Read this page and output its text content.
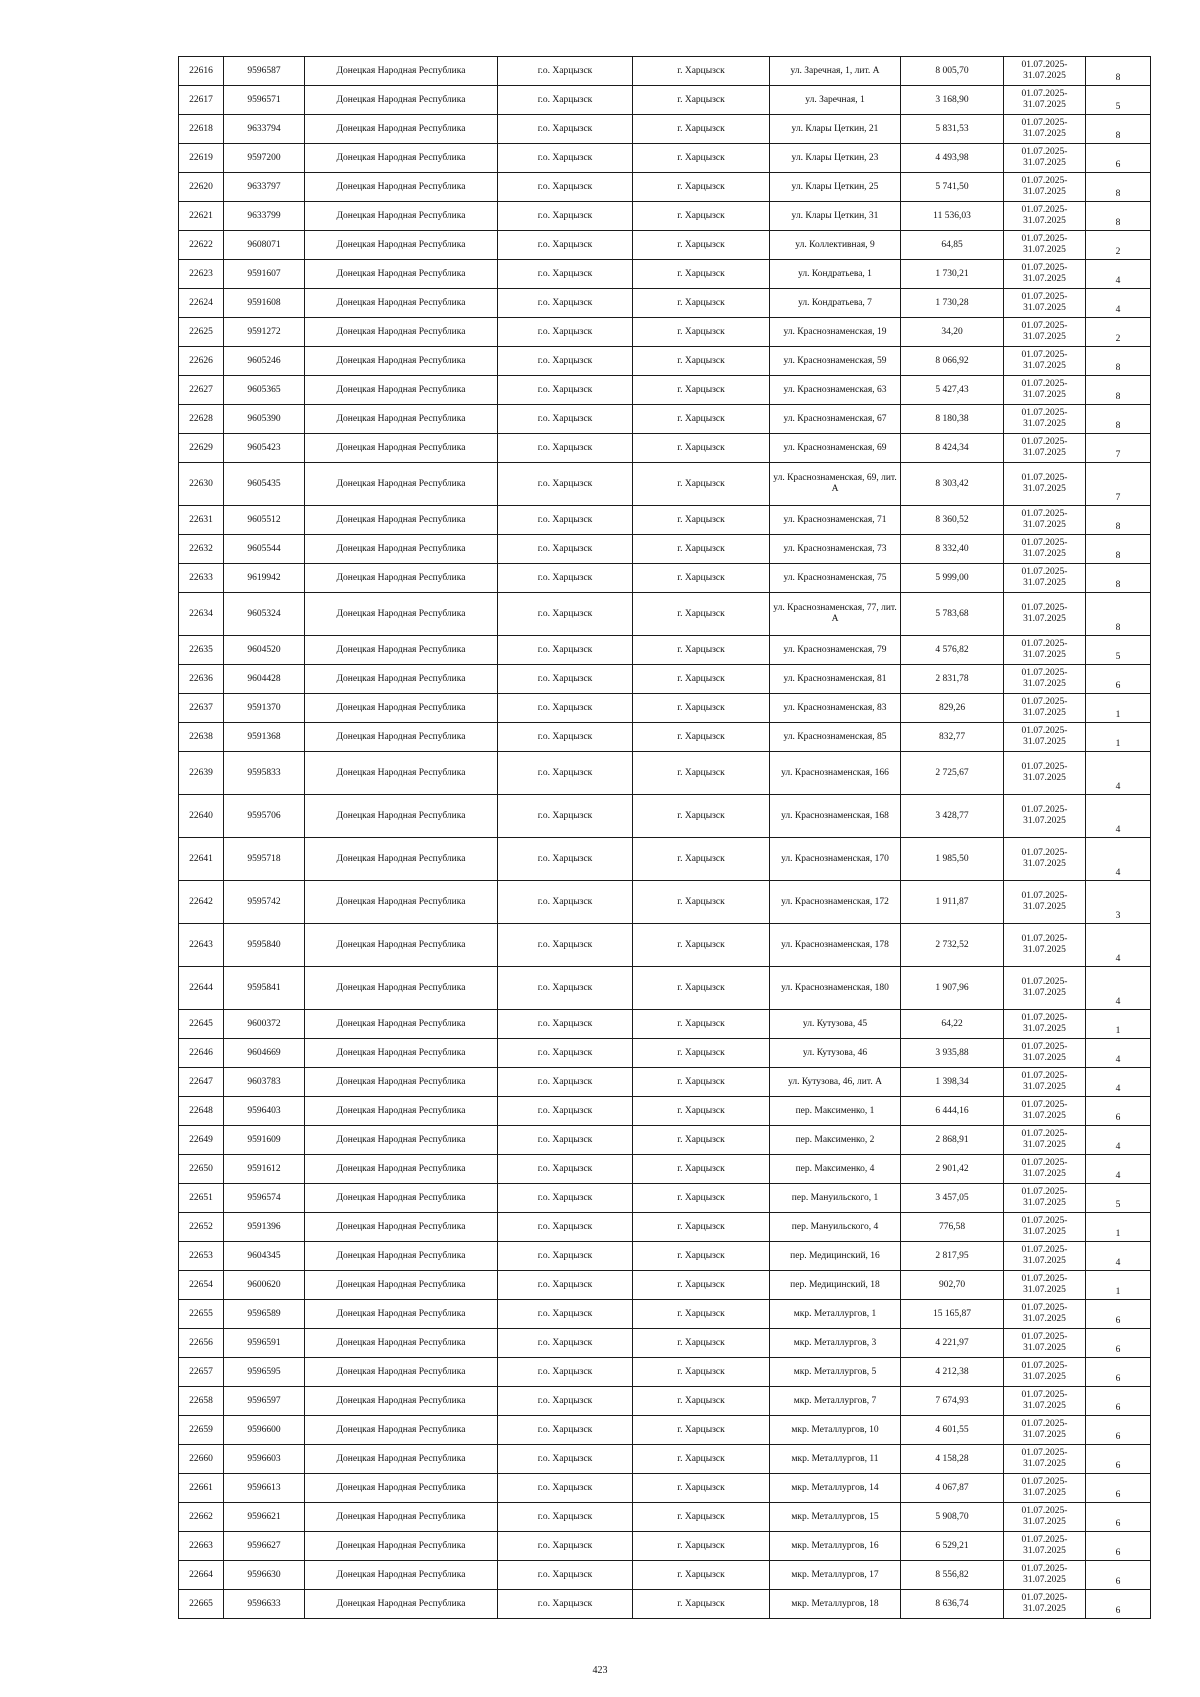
22616	9596587	Донецкая Народная Республика	г.о. Харцызск	г. Харцызск	ул. Заречная, 1, лит. А	8 005,70	01.07.2025-31.07.2025	8
22617	9596571	Донецкая Народная Республика	г.о. Харцызск	г. Харцызск	ул. Заречная, 1	3 168,90	01.07.2025-31.07.2025	5
22618	9633794	Донецкая Народная Республика	г.о. Харцызск	г. Харцызск	ул. Клары Цеткин, 21	5 831,53	01.07.2025-31.07.2025	8
22619	9597200	Донецкая Народная Республика	г.о. Харцызск	г. Харцызск	ул. Клары Цеткин, 23	4 493,98	01.07.2025-31.07.2025	6
22620	9633797	Донецкая Народная Республика	г.о. Харцызск	г. Харцызск	ул. Клары Цеткин, 25	5 741,50	01.07.2025-31.07.2025	8
22621	9633799	Донецкая Народная Республика	г.о. Харцызск	г. Харцызск	ул. Клары Цеткин, 31	11 536,03	01.07.2025-31.07.2025	8
22622	9608071	Донецкая Народная Республика	г.о. Харцызск	г. Харцызск	ул. Коллективная, 9	64,85	01.07.2025-31.07.2025	2
22623	9591607	Донецкая Народная Республика	г.о. Харцызск	г. Харцызск	ул. Кондратьева, 1	1 730,21	01.07.2025-31.07.2025	4
22624	9591608	Донецкая Народная Республика	г.о. Харцызск	г. Харцызск	ул. Кондратьева, 7	1 730,28	01.07.2025-31.07.2025	4
22625	9591272	Донецкая Народная Республика	г.о. Харцызск	г. Харцызск	ул. Краснознаменская, 19	34,20	01.07.2025-31.07.2025	2
22626	9605246	Донецкая Народная Республика	г.о. Харцызск	г. Харцызск	ул. Краснознаменская, 59	8 066,92	01.07.2025-31.07.2025	8
22627	9605365	Донецкая Народная Республика	г.о. Харцызск	г. Харцызск	ул. Краснознаменская, 63	5 427,43	01.07.2025-31.07.2025	8
22628	9605390	Донецкая Народная Республика	г.о. Харцызск	г. Харцызск	ул. Краснознаменская, 67	8 180,38	01.07.2025-31.07.2025	8
22629	9605423	Донецкая Народная Республика	г.о. Харцызск	г. Харцызск	ул. Краснознаменская, 69	8 424,34	01.07.2025-31.07.2025	7
22630	9605435	Донецкая Народная Республика	г.о. Харцызск	г. Харцызск	ул. Краснознаменская, 69, лит. А	8 303,42	01.07.2025-31.07.2025	7
22631	9605512	Донецкая Народная Республика	г.о. Харцызск	г. Харцызск	ул. Краснознаменская, 71	8 360,52	01.07.2025-31.07.2025	8
22632	9605544	Донецкая Народная Республика	г.о. Харцызск	г. Харцызск	ул. Краснознаменская, 73	8 332,40	01.07.2025-31.07.2025	8
22633	9619942	Донецкая Народная Республика	г.о. Харцызск	г. Харцызск	ул. Краснознаменская, 75	5 999,00	01.07.2025-31.07.2025	8
22634	9605324	Донецкая Народная Республика	г.о. Харцызск	г. Харцызск	ул. Краснознаменская, 77, лит. А	5 783,68	01.07.2025-31.07.2025	8
22635	9604520	Донецкая Народная Республика	г.о. Харцызск	г. Харцызск	ул. Краснознаменская, 79	4 576,82	01.07.2025-31.07.2025	5
22636	9604428	Донецкая Народная Республика	г.о. Харцызск	г. Харцызск	ул. Краснознаменская, 81	2 831,78	01.07.2025-31.07.2025	6
22637	9591370	Донецкая Народная Республика	г.о. Харцызск	г. Харцызск	ул. Краснознаменская, 83	829,26	01.07.2025-31.07.2025	1
22638	9591368	Донецкая Народная Республика	г.о. Харцызск	г. Харцызск	ул. Краснознаменская, 85	832,77	01.07.2025-31.07.2025	1
22639	9595833	Донецкая Народная Республика	г.о. Харцызск	г. Харцызск	ул. Краснознаменская, 166	2 725,67	01.07.2025-31.07.2025	4
22640	9595706	Донецкая Народная Республика	г.о. Харцызск	г. Харцызск	ул. Краснознаменская, 168	3 428,77	01.07.2025-31.07.2025	4
22641	9595718	Донецкая Народная Республика	г.о. Харцызск	г. Харцызск	ул. Краснознаменская, 170	1 985,50	01.07.2025-31.07.2025	4
22642	9595742	Донецкая Народная Республика	г.о. Харцызск	г. Харцызск	ул. Краснознаменская, 172	1 911,87	01.07.2025-31.07.2025	3
22643	9595840	Донецкая Народная Республика	г.о. Харцызск	г. Харцызск	ул. Краснознаменская, 178	2 732,52	01.07.2025-31.07.2025	4
22644	9595841	Донецкая Народная Республика	г.о. Харцызск	г. Харцызск	ул. Краснознаменская, 180	1 907,96	01.07.2025-31.07.2025	4
22645	9600372	Донецкая Народная Республика	г.о. Харцызск	г. Харцызск	ул. Кутузова, 45	64,22	01.07.2025-31.07.2025	1
22646	9604669	Донецкая Народная Республика	г.о. Харцызск	г. Харцызск	ул. Кутузова, 46	3 935,88	01.07.2025-31.07.2025	4
22647	9603783	Донецкая Народная Республика	г.о. Харцызск	г. Харцызск	ул. Кутузова, 46, лит. А	1 398,34	01.07.2025-31.07.2025	4
22648	9596403	Донецкая Народная Республика	г.о. Харцызск	г. Харцызск	пер. Максименко, 1	6 444,16	01.07.2025-31.07.2025	6
22649	9591609	Донецкая Народная Республика	г.о. Харцызск	г. Харцызск	пер. Максименко, 2	2 868,91	01.07.2025-31.07.2025	4
22650	9591612	Донецкая Народная Республика	г.о. Харцызск	г. Харцызск	пер. Максименко, 4	2 901,42	01.07.2025-31.07.2025	4
22651	9596574	Донецкая Народная Республика	г.о. Харцызск	г. Харцызск	пер. Мануильского, 1	3 457,05	01.07.2025-31.07.2025	5
22652	9591396	Донецкая Народная Республика	г.о. Харцызск	г. Харцызск	пер. Мануильского, 4	776,58	01.07.2025-31.07.2025	1
22653	9604345	Донецкая Народная Республика	г.о. Харцызск	г. Харцызск	пер. Медицинский, 16	2 817,95	01.07.2025-31.07.2025	4
22654	9600620	Донецкая Народная Республика	г.о. Харцызск	г. Харцызск	пер. Медицинский, 18	902,70	01.07.2025-31.07.2025	1
22655	9596589	Донецкая Народная Республика	г.о. Харцызск	г. Харцызск	мкр. Металлургов, 1	15 165,87	01.07.2025-31.07.2025	6
22656	9596591	Донецкая Народная Республика	г.о. Харцызск	г. Харцызск	мкр. Металлургов, 3	4 221,97	01.07.2025-31.07.2025	6
22657	9596595	Донецкая Народная Республика	г.о. Харцызск	г. Харцызск	мкр. Металлургов, 5	4 212,38	01.07.2025-31.07.2025	6
22658	9596597	Донецкая Народная Республика	г.о. Харцызск	г. Харцызск	мкр. Металлургов, 7	7 674,93	01.07.2025-31.07.2025	6
22659	9596600	Донецкая Народная Республика	г.о. Харцызск	г. Харцызск	мкр. Металлургов, 10	4 601,55	01.07.2025-31.07.2025	6
22660	9596603	Донецкая Народная Республика	г.о. Харцызск	г. Харцызск	мкр. Металлургов, 11	4 158,28	01.07.2025-31.07.2025	6
22661	9596613	Донецкая Народная Республика	г.о. Харцызск	г. Харцызск	мкр. Металлургов, 14	4 067,87	01.07.2025-31.07.2025	6
22662	9596621	Донецкая Народная Республика	г.о. Харцызск	г. Харцызск	мкр. Металлургов, 15	5 908,70	01.07.2025-31.07.2025	6
22663	9596627	Донецкая Народная Республика	г.о. Харцызск	г. Харцызск	мкр. Металлургов, 16	6 529,21	01.07.2025-31.07.2025	6
22664	9596630	Донецкая Народная Республика	г.о. Харцызск	г. Харцызск	мкр. Металлургов, 17	8 556,82	01.07.2025-31.07.2025	6
22665	9596633	Донецкая Народная Республика	г.о. Харцызск	г. Харцызск	мкр. Металлургов, 18	8 636,74	01.07.2025-31.07.2025	6
423
